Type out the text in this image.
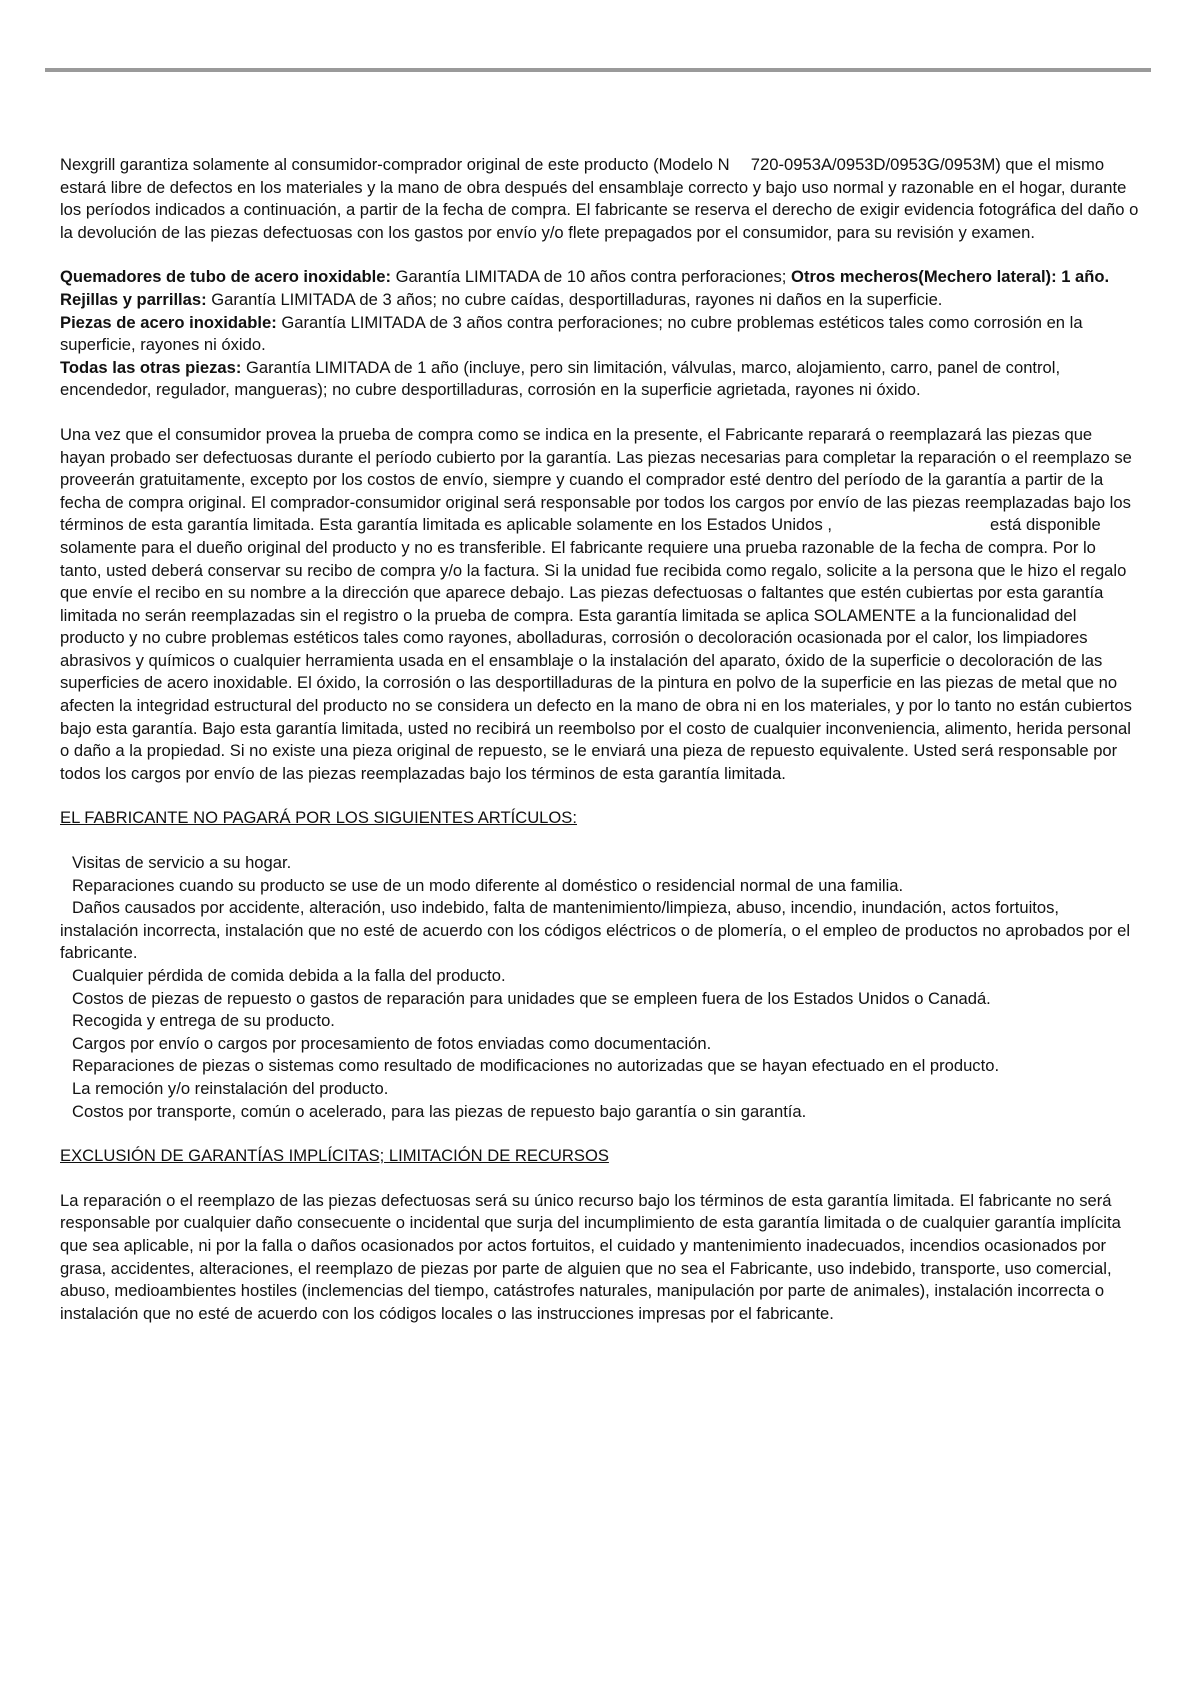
Nexgrill garantiza solamente al consumidor-comprador original de este producto (Modelo N  720-0953A/0953D/0953G/0953M) que el mismo estará libre de defectos en los materiales y la mano de obra después del ensamblaje correcto y bajo uso normal y razonable en el hogar, durante los períodos indicados a continuación, a partir de la fecha de compra. El fabricante se reserva el derecho de exigir evidencia fotográfica del daño o la devolución de las piezas defectuosas con los gastos por envío y/o flete prepagados por el consumidor, para su revisión y examen.

Quemadores de tubo de acero inoxidable: Garantía LIMITADA de 10 años contra perforaciones; Otros mecheros(Mechero lateral): 1 año.

Rejillas y parrillas: Garantía LIMITADA de 3 años; no cubre caídas, desportilladuras, rayones ni daños en la superficie.

Piezas de acero inoxidable: Garantía LIMITADA de 3 años contra perforaciones; no cubre problemas estéticos tales como corrosión en la superficie, rayones ni óxido.

Todas las otras piezas: Garantía LIMITADA de 1 año (incluye, pero sin limitación, válvulas, marco, alojamiento, carro, panel de control, encendedor, regulador, mangueras); no cubre desportilladuras, corrosión en la superficie agrietada, rayones ni óxido.

Una vez que el consumidor provea la prueba de compra como se indica en la presente, el Fabricante reparará o reemplazará las piezas que hayan probado ser defectuosas durante el período cubierto por la garantía. Las piezas necesarias para completar la reparación o el reemplazo se proveerán gratuitamente, excepto por los costos de envío, siempre y cuando el comprador esté dentro del período de la garantía a partir de la fecha de compra original. El comprador-consumidor original será responsable por todos los cargos por envío de las piezas reemplazadas bajo los términos de esta garantía limitada. Esta garantía limitada es aplicable solamente en los Estados Unidos ,	está disponible solamente para el dueño original del producto y no es transferible. El fabricante requiere una prueba razonable de la fecha de compra. Por lo tanto, usted deberá conservar su recibo de compra y/o la factura. Si la unidad fue recibida como regalo, solicite a la persona que le hizo el regalo que envíe el recibo en su nombre a la dirección que aparece debajo. Las piezas defectuosas o faltantes que estén cubiertas por esta garantía limitada no serán reemplazadas sin el registro o la prueba de compra. Esta garantía limitada se aplica SOLAMENTE a la funcionalidad del producto y no cubre problemas estéticos tales como rayones, abolladuras, corrosión o decoloración ocasionada por el calor, los limpiadores abrasivos y químicos o cualquier herramienta usada en el ensamblaje o la instalación del aparato, óxido de la superficie o decoloración de las superficies de acero inoxidable. El óxido, la corrosión o las desportilladuras de la pintura en polvo de la superficie en las piezas de metal que no afecten la integridad estructural del producto no se considera un defecto en la mano de obra ni en los materiales, y por lo tanto no están cubiertos bajo esta garantía. Bajo esta garantía limitada, usted no recibirá un reembolso por el costo de cualquier inconveniencia, alimento, herida personal o daño a la propiedad. Si no existe una pieza original de repuesto, se le enviará una pieza de repuesto equivalente. Usted será responsable por todos los cargos por envío de las piezas reemplazadas bajo los términos de esta garantía limitada.

EL FABRICANTE NO PAGARÁ POR LOS SIGUIENTES ARTÍCULOS:

Visitas de servicio a su hogar.
Reparaciones cuando su producto se use de un modo diferente al doméstico o residencial normal de una familia.
Daños causados por accidente, alteración, uso indebido, falta de mantenimiento/limpieza, abuso, incendio, inundación, actos fortuitos, instalación incorrecta, instalación que no esté de acuerdo con los códigos eléctricos o de plomería, o el empleo de productos no aprobados por el fabricante.
Cualquier pérdida de comida debida a la falla del producto.
Costos de piezas de repuesto o gastos de reparación para unidades que se empleen fuera de los Estados Unidos o Canadá.
Recogida y entrega de su producto.
Cargos por envío o cargos por procesamiento de fotos enviadas como documentación.
Reparaciones de piezas o sistemas como resultado de modificaciones no autorizadas que se hayan efectuado en el producto.
La remoción y/o reinstalación del producto.
Costos por transporte, común o acelerado, para las piezas de repuesto bajo garantía o sin garantía.

EXCLUSIÓN DE GARANTÍAS IMPLÍCITAS; LIMITACIÓN DE RECURSOS

La reparación o el reemplazo de las piezas defectuosas será su único recurso bajo los términos de esta garantía limitada. El fabricante no será responsable por cualquier daño consecuente o incidental que surja del incumplimiento de esta garantía limitada o de cualquier garantía implícita que sea aplicable, ni por la falla o daños ocasionados por actos fortuitos, el cuidado y mantenimiento inadecuados, incendios ocasionados por grasa, accidentes, alteraciones, el reemplazo de piezas por parte de alguien que no sea el Fabricante, uso indebido, transporte, uso comercial, abuso, medioambientes hostiles (inclemencias del tiempo, catástrofes naturales, manipulación por parte de animales), instalación incorrecta o instalación que no esté de acuerdo con los códigos locales o las instrucciones impresas por el fabricante.
